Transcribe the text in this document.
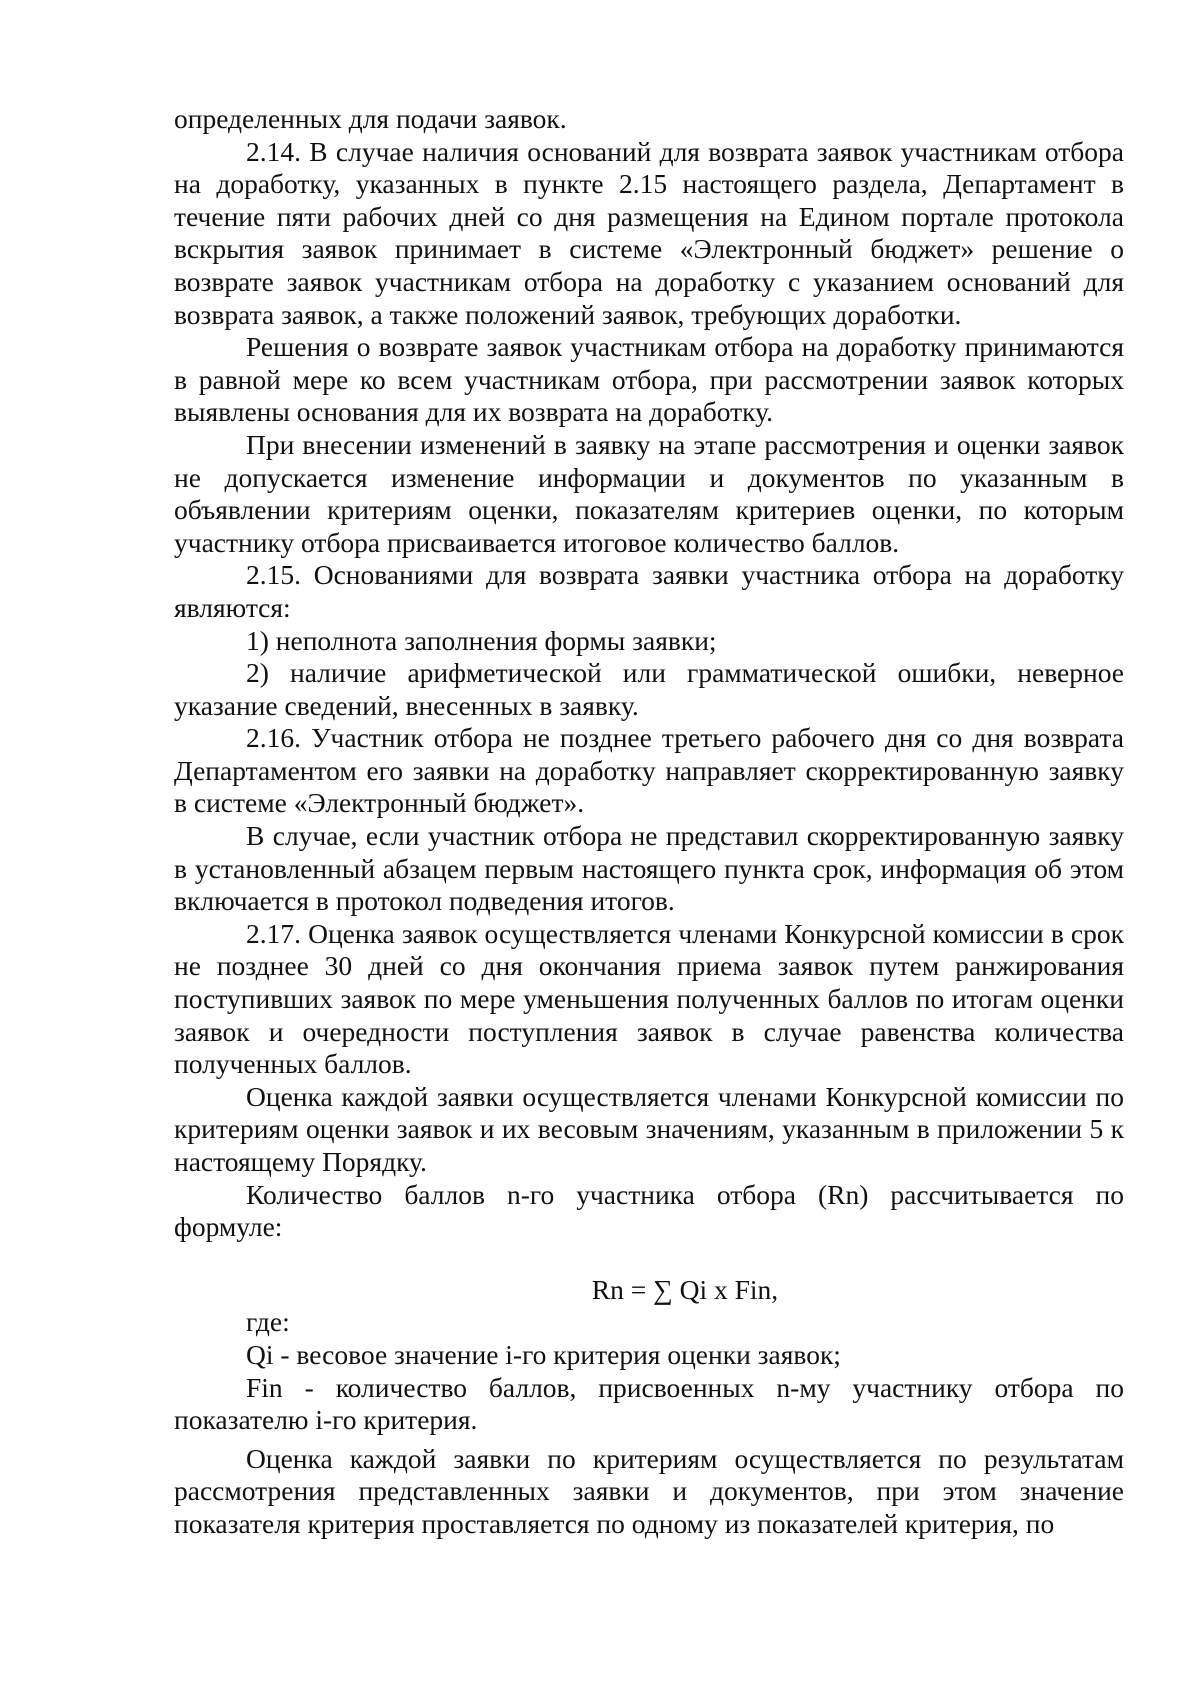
определенных для подачи заявок.

2.14. В случае наличия оснований для возврата заявок участникам отбора на доработку, указанных в пункте 2.15 настоящего раздела, Департамент в течение пяти рабочих дней со дня размещения на Едином портале протокола вскрытия заявок принимает в системе «Электронный бюджет» решение о возврате заявок участникам отбора на доработку с указанием оснований для возврата заявок, а также положений заявок, требующих доработки.

Решения о возврате заявок участникам отбора на доработку принимаются в равной мере ко всем участникам отбора, при рассмотрении заявок которых выявлены основания для их возврата на доработку.

При внесении изменений в заявку на этапе рассмотрения и оценки заявок не допускается изменение информации и документов по указанным в объявлении критериям оценки, показателям критериев оценки, по которым участнику отбора присваивается итоговое количество баллов.

2.15. Основаниями для возврата заявки участника отбора на доработку являются:

1) неполнота заполнения формы заявки;

2) наличие арифметической или грамматической ошибки, неверное указание сведений, внесенных в заявку.

2.16. Участник отбора не позднее третьего рабочего дня со дня возврата Департаментом его заявки на доработку направляет скорректированную заявку в системе «Электронный бюджет».

В случае, если участник отбора не представил скорректированную заявку в установленный абзацем первым настоящего пункта срок, информация об этом включается в протокол подведения итогов.

2.17. Оценка заявок осуществляется членами Конкурсной комиссии в срок не позднее 30 дней со дня окончания приема заявок путем ранжирования поступивших заявок по мере уменьшения полученных баллов по итогам оценки заявок и очередности поступления заявок в случае равенства количества полученных баллов.

Оценка каждой заявки осуществляется членами Конкурсной комиссии по критериям оценки заявок и их весовым значениям, указанным в приложении 5 к настоящему Порядку.

Количество баллов n-го участника отбора (Rn) рассчитывается по формуле:

Rn = ∑ Qi x Fin,

где:

Qi - весовое значение i-го критерия оценки заявок;

Fin - количество баллов, присвоенных n-му участнику отбора по показателю i-го критерия.

Оценка каждой заявки по критериям осуществляется по результатам рассмотрения представленных заявки и документов, при этом значение показателя критерия проставляется по одному из показателей критерия, по
